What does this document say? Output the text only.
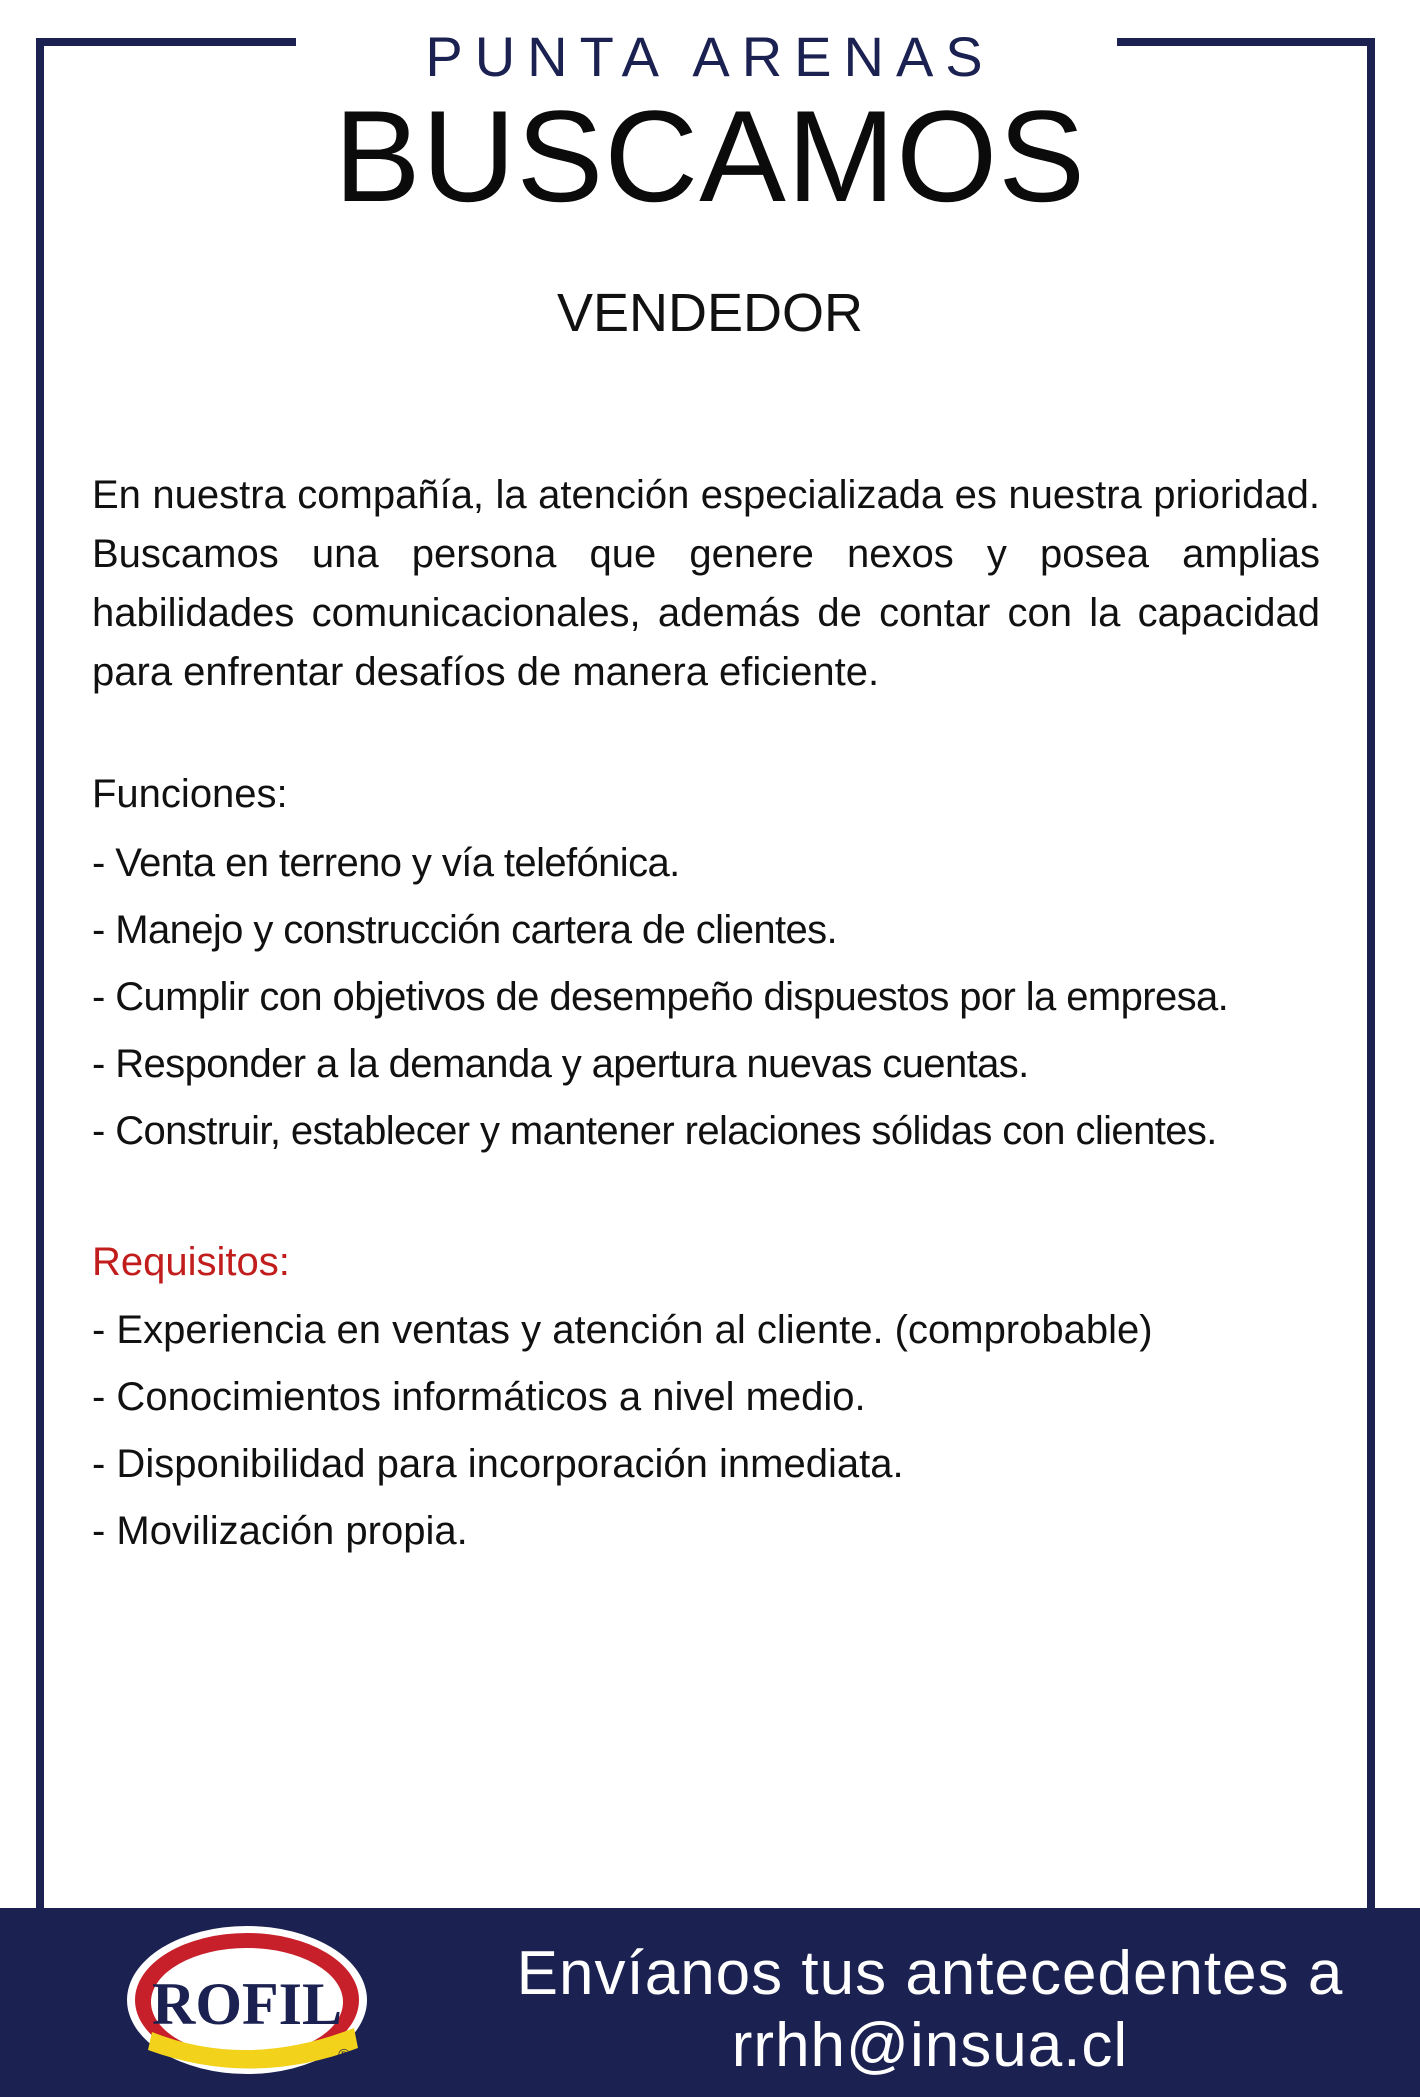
PUNTA ARENAS
BUSCAMOS
VENDEDOR

En nuestra compañía, la atención especializada es nuestra prioridad. Buscamos una persona que genere nexos y posea amplias habilidades comunicacionales, además de contar con la capacidad para enfrentar desafíos de manera eficiente.

Funciones:
- Venta en terreno y vía telefónica.
- Manejo y construcción cartera de clientes.
- Cumplir con objetivos de desempeño dispuestos por la empresa.
- Responder a la demanda y apertura nuevas cuentas.
- Construir, establecer y mantener relaciones sólidas con clientes.
Requisitos:
- Experiencia en ventas y atención al cliente. (comprobable)
- Conocimientos informáticos a nivel medio.
- Disponibilidad para incorporación inmediata.
- Movilización propia.
ROFIL
®
Envíanos tus antecedentes a
rrhh@insua.cl
